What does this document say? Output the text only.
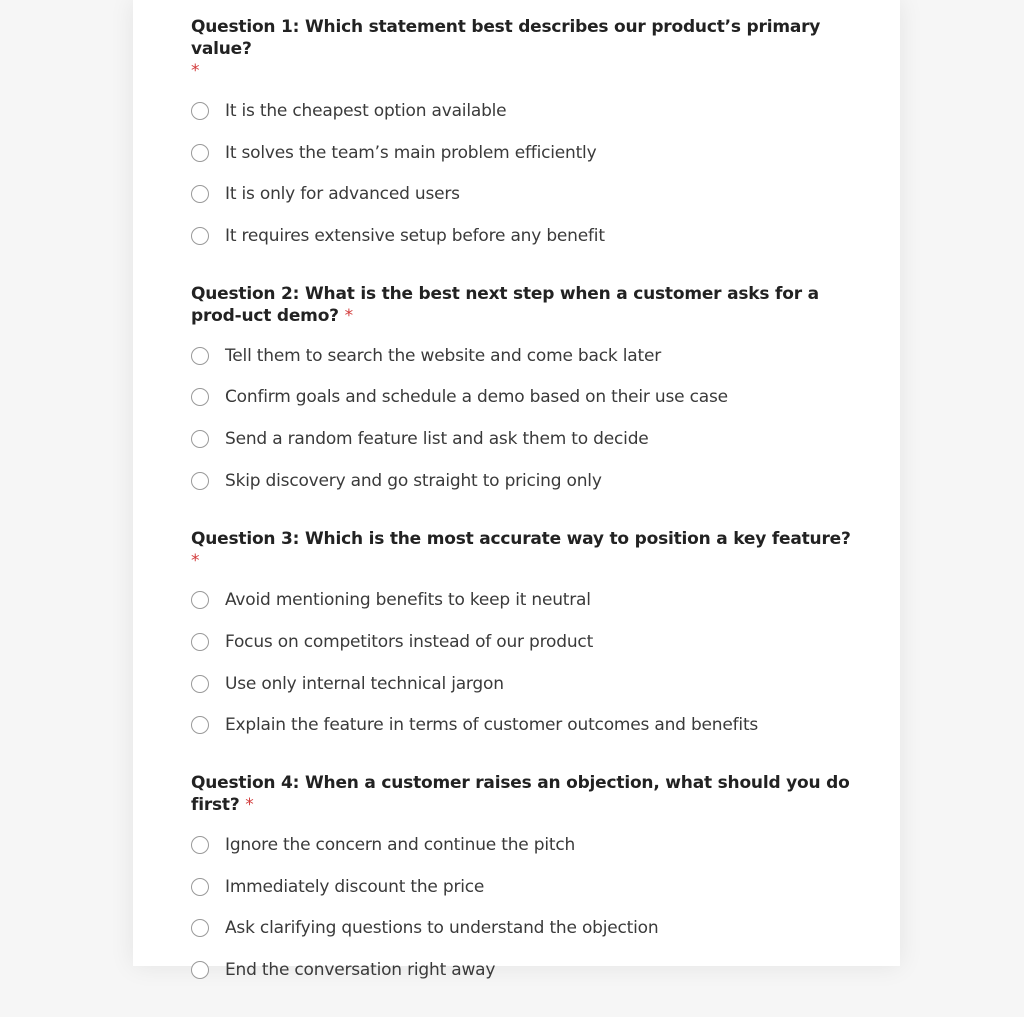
Question 1: Which statement best describes our product’s primary value?
*
It is the cheapest option available
It solves the team’s main problem efficiently
It is only for advanced users
It requires extensive setup before any benefit
Question 2: What is the best next step when a customer asks for a prod-uct demo? *
Tell them to search the website and come back later
Confirm goals and schedule a demo based on their use case
Send a random feature list and ask them to decide
Skip discovery and go straight to pricing only
Question 3: Which is the most accurate way to position a key feature? *
Avoid mentioning benefits to keep it neutral
Focus on competitors instead of our product
Use only internal technical jargon
Explain the feature in terms of customer outcomes and benefits
Question 4: When a customer raises an objection, what should you do first? *
Ignore the concern and continue the pitch
Immediately discount the price
Ask clarifying questions to understand the objection
End the conversation right away
